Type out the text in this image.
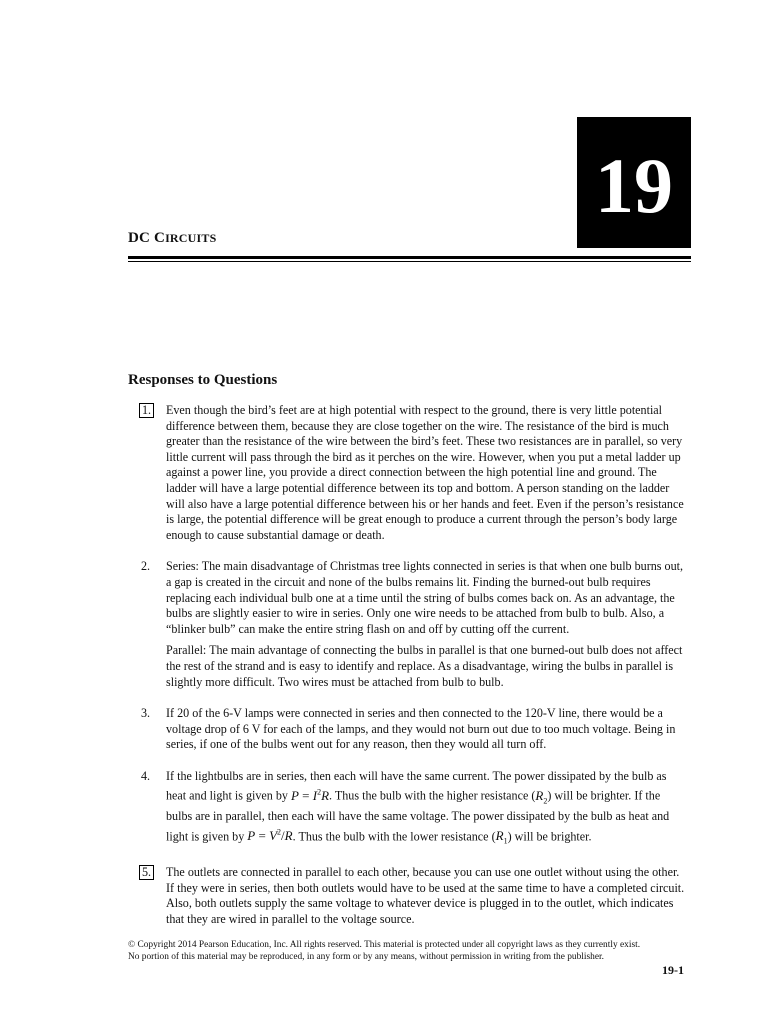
19
DC CIRCUITS
Responses to Questions
1.	Even though the bird’s feet are at high potential with respect to the ground, there is very little potential difference between them, because they are close together on the wire. The resistance of the bird is much greater than the resistance of the wire between the bird’s feet. These two resistances are in parallel, so very little current will pass through the bird as it perches on the wire. However, when you put a metal ladder up against a power line, you provide a direct connection between the high potential line and ground. The ladder will have a large potential difference between its top and bottom. A person standing on the ladder will also have a large potential difference between his or her hands and feet. Even if the person’s resistance is large, the potential difference will be great enough to produce a current through the person’s body large enough to cause substantial damage or death.
2.	Series: The main disadvantage of Christmas tree lights connected in series is that when one bulb burns out, a gap is created in the circuit and none of the bulbs remains lit. Finding the burned-out bulb requires replacing each individual bulb one at a time until the string of bulbs comes back on. As an advantage, the bulbs are slightly easier to wire in series. Only one wire needs to be attached from bulb to bulb. Also, a “blinker bulb” can make the entire string flash on and off by cutting off the current.
Parallel: The main advantage of connecting the bulbs in parallel is that one burned-out bulb does not affect the rest of the strand and is easy to identify and replace. As a disadvantage, wiring the bulbs in parallel is slightly more difficult. Two wires must be attached from bulb to bulb.
3.	If 20 of the 6-V lamps were connected in series and then connected to the 120-V line, there would be a voltage drop of 6 V for each of the lamps, and they would not burn out due to too much voltage. Being in series, if one of the bulbs went out for any reason, then they would all turn off.
4.	If the lightbulbs are in series, then each will have the same current. The power dissipated by the bulb as heat and light is given by $P = I^2R$. Thus the bulb with the higher resistance $(R_2)$ will be brighter. If the bulbs are in parallel, then each will have the same voltage. The power dissipated by the bulb as heat and light is given by $P = V^2/R$. Thus the bulb with the lower resistance $(R_1)$ will be brighter.
5.	The outlets are connected in parallel to each other, because you can use one outlet without using the other. If they were in series, then both outlets would have to be used at the same time to have a completed circuit. Also, both outlets supply the same voltage to whatever device is plugged in to the outlet, which indicates that they are wired in parallel to the voltage source.
© Copyright 2014 Pearson Education, Inc. All rights reserved. This material is protected under all copyright laws as they currently exist.
No portion of this material may be reproduced, in any form or by any means, without permission in writing from the publisher.
19-1
